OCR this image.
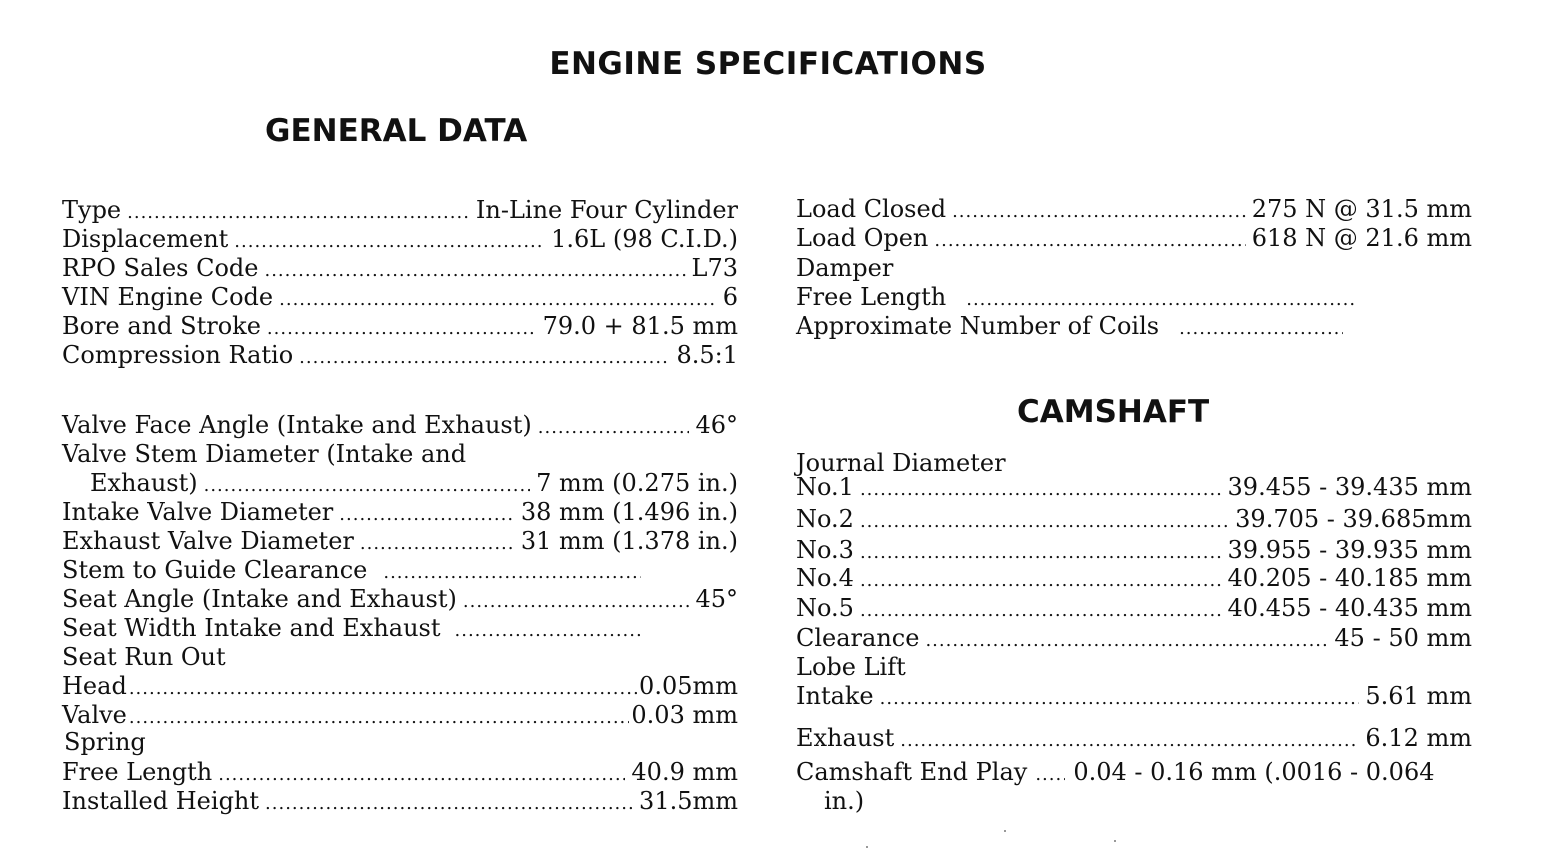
ENGINE SPECIFICATIONS
GENERAL DATA
CAMSHAFT
Type .....	In-Line Four Cylinder
Displacement .....	1.6L (98 C.I.D.)
RPO Sales Code .....	L73
VIN Engine Code .....	6
Bore and Stroke .....	79.0 + 81.5 mm
Compression Ratio .....	8.5:1
Valve Face Angle (Intake and Exhaust) .....	46°
Valve Stem Diameter (Intake and
Exhaust) .....	7 mm (0.275 in.)
Intake Valve Diameter .....	38 mm (1.496 in.)
Exhaust Valve Diameter .....	31 mm (1.378 in.)
Stem to Guide Clearance
.....
Seat Angle (Intake and Exhaust) .....	45°
Seat Width Intake and Exhaust
.....
Seat Run Out
Head .....	0.05mm
Valve .....	0.03 mm
Spring
Free Length .....	40.9 mm
Installed Height .....	31.5mm
Load Closed .....	275 N @ 31.5 mm
Load Open .....	618 N @ 21.6 mm
Damper
Free Length
.....
Approximate Number of Coils
.....
Journal Diameter
No.1 .....	39.455 - 39.435 mm
No.2 .....	39.705 - 39.685mm
No.3 .....	39.955 - 39.935 mm
No.4 .....	40.205 - 40.185 mm
No.5 .....	40.455 - 40.435 mm
Clearance .....	45 - 50 mm
Lobe Lift
Intake .....	5.61 mm
Exhaust .....	6.12 mm
Camshaft End Play ..... 0.04 - 0.16 mm (.0016 - 0.064
in.)
